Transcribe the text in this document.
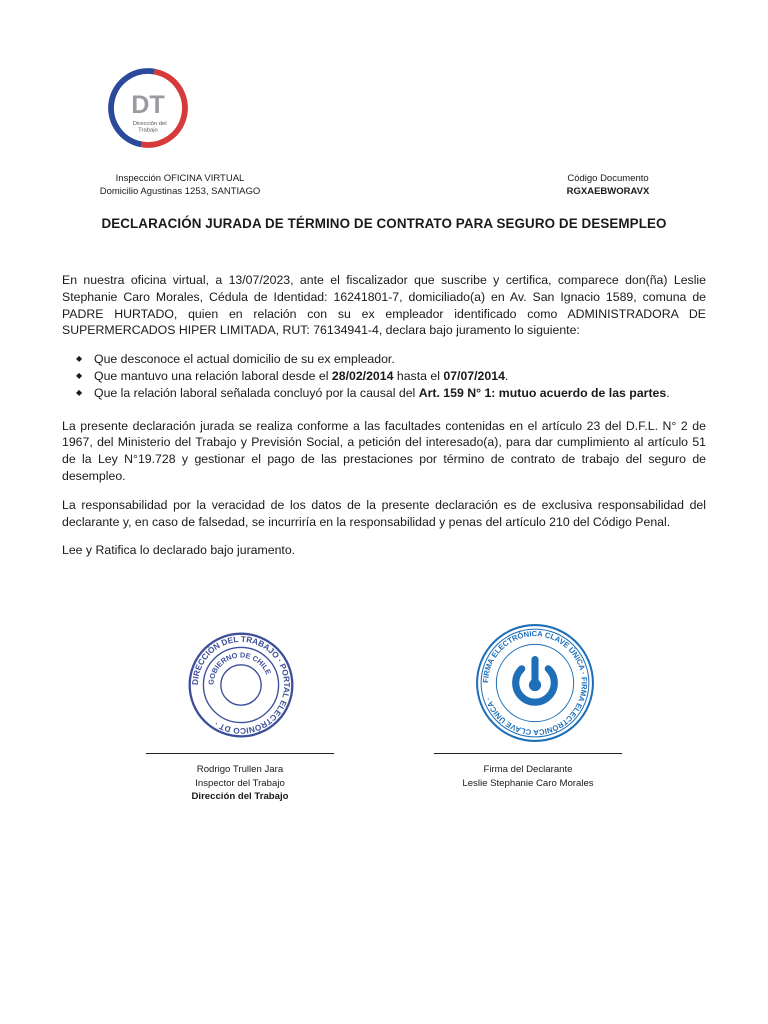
DT
Dirección del
Trabajo
Inspección OFICINA VIRTUAL
Domicilio Agustinas 1253, SANTIAGO
Código Documento
RGXAEBWORAVX
DECLARACIÓN JURADA DE TÉRMINO DE CONTRATO PARA SEGURO DE DESEMPLEO

En nuestra oficina virtual, a 13/07/2023, ante el fiscalizador que suscribe y certifica, comparece don(ña) Leslie Stephanie Caro Morales, Cédula de Identidad: 16241801-7, domiciliado(a) en Av. San Ignacio 1589, comuna de PADRE HURTADO, quien en relación con su ex empleador identificado como ADMINISTRADORA DE SUPERMERCADOS HIPER LIMITADA, RUT: 76134941-4, declara bajo juramento lo siguiente:

◆ Que desconoce el actual domicilio de su ex empleador.
◆ Que mantuvo una relación laboral desde el 28/02/2014 hasta el 07/07/2014.
◆ Que la relación laboral señalada concluyó por la causal del Art. 159 N° 1: mutuo acuerdo de las partes.

La presente declaración jurada se realiza conforme a las facultades contenidas en el artículo 23 del D.F.L. N° 2 de 1967, del Ministerio del Trabajo y Previsión Social, a petición del interesado(a), para dar cumplimiento al artículo 51 de la Ley N°19.728 y gestionar el pago de las prestaciones por término de contrato de trabajo del seguro de desempleo.

La responsabilidad por la veracidad de los datos de la presente declaración es de exclusiva responsabilidad del declarante y, en caso de falsedad, se incurriría en la responsabilidad y penas del artículo 210 del Código Penal.

Lee y Ratifica lo declarado bajo juramento.

DIRECCIÓN DEL TRABAJO · PORTAL ELECTRÓNICO DT ·
GOBIERNO DE CHILE
FIRMA ELECTRÓNICA CLAVE ÚNICA · FIRMA ELECTRÓNICA CLAVE ÚNICA ·
Rodrigo Trullen Jara
Inspector del Trabajo
Dirección del Trabajo
Firma del Declarante
Leslie Stephanie Caro Morales
